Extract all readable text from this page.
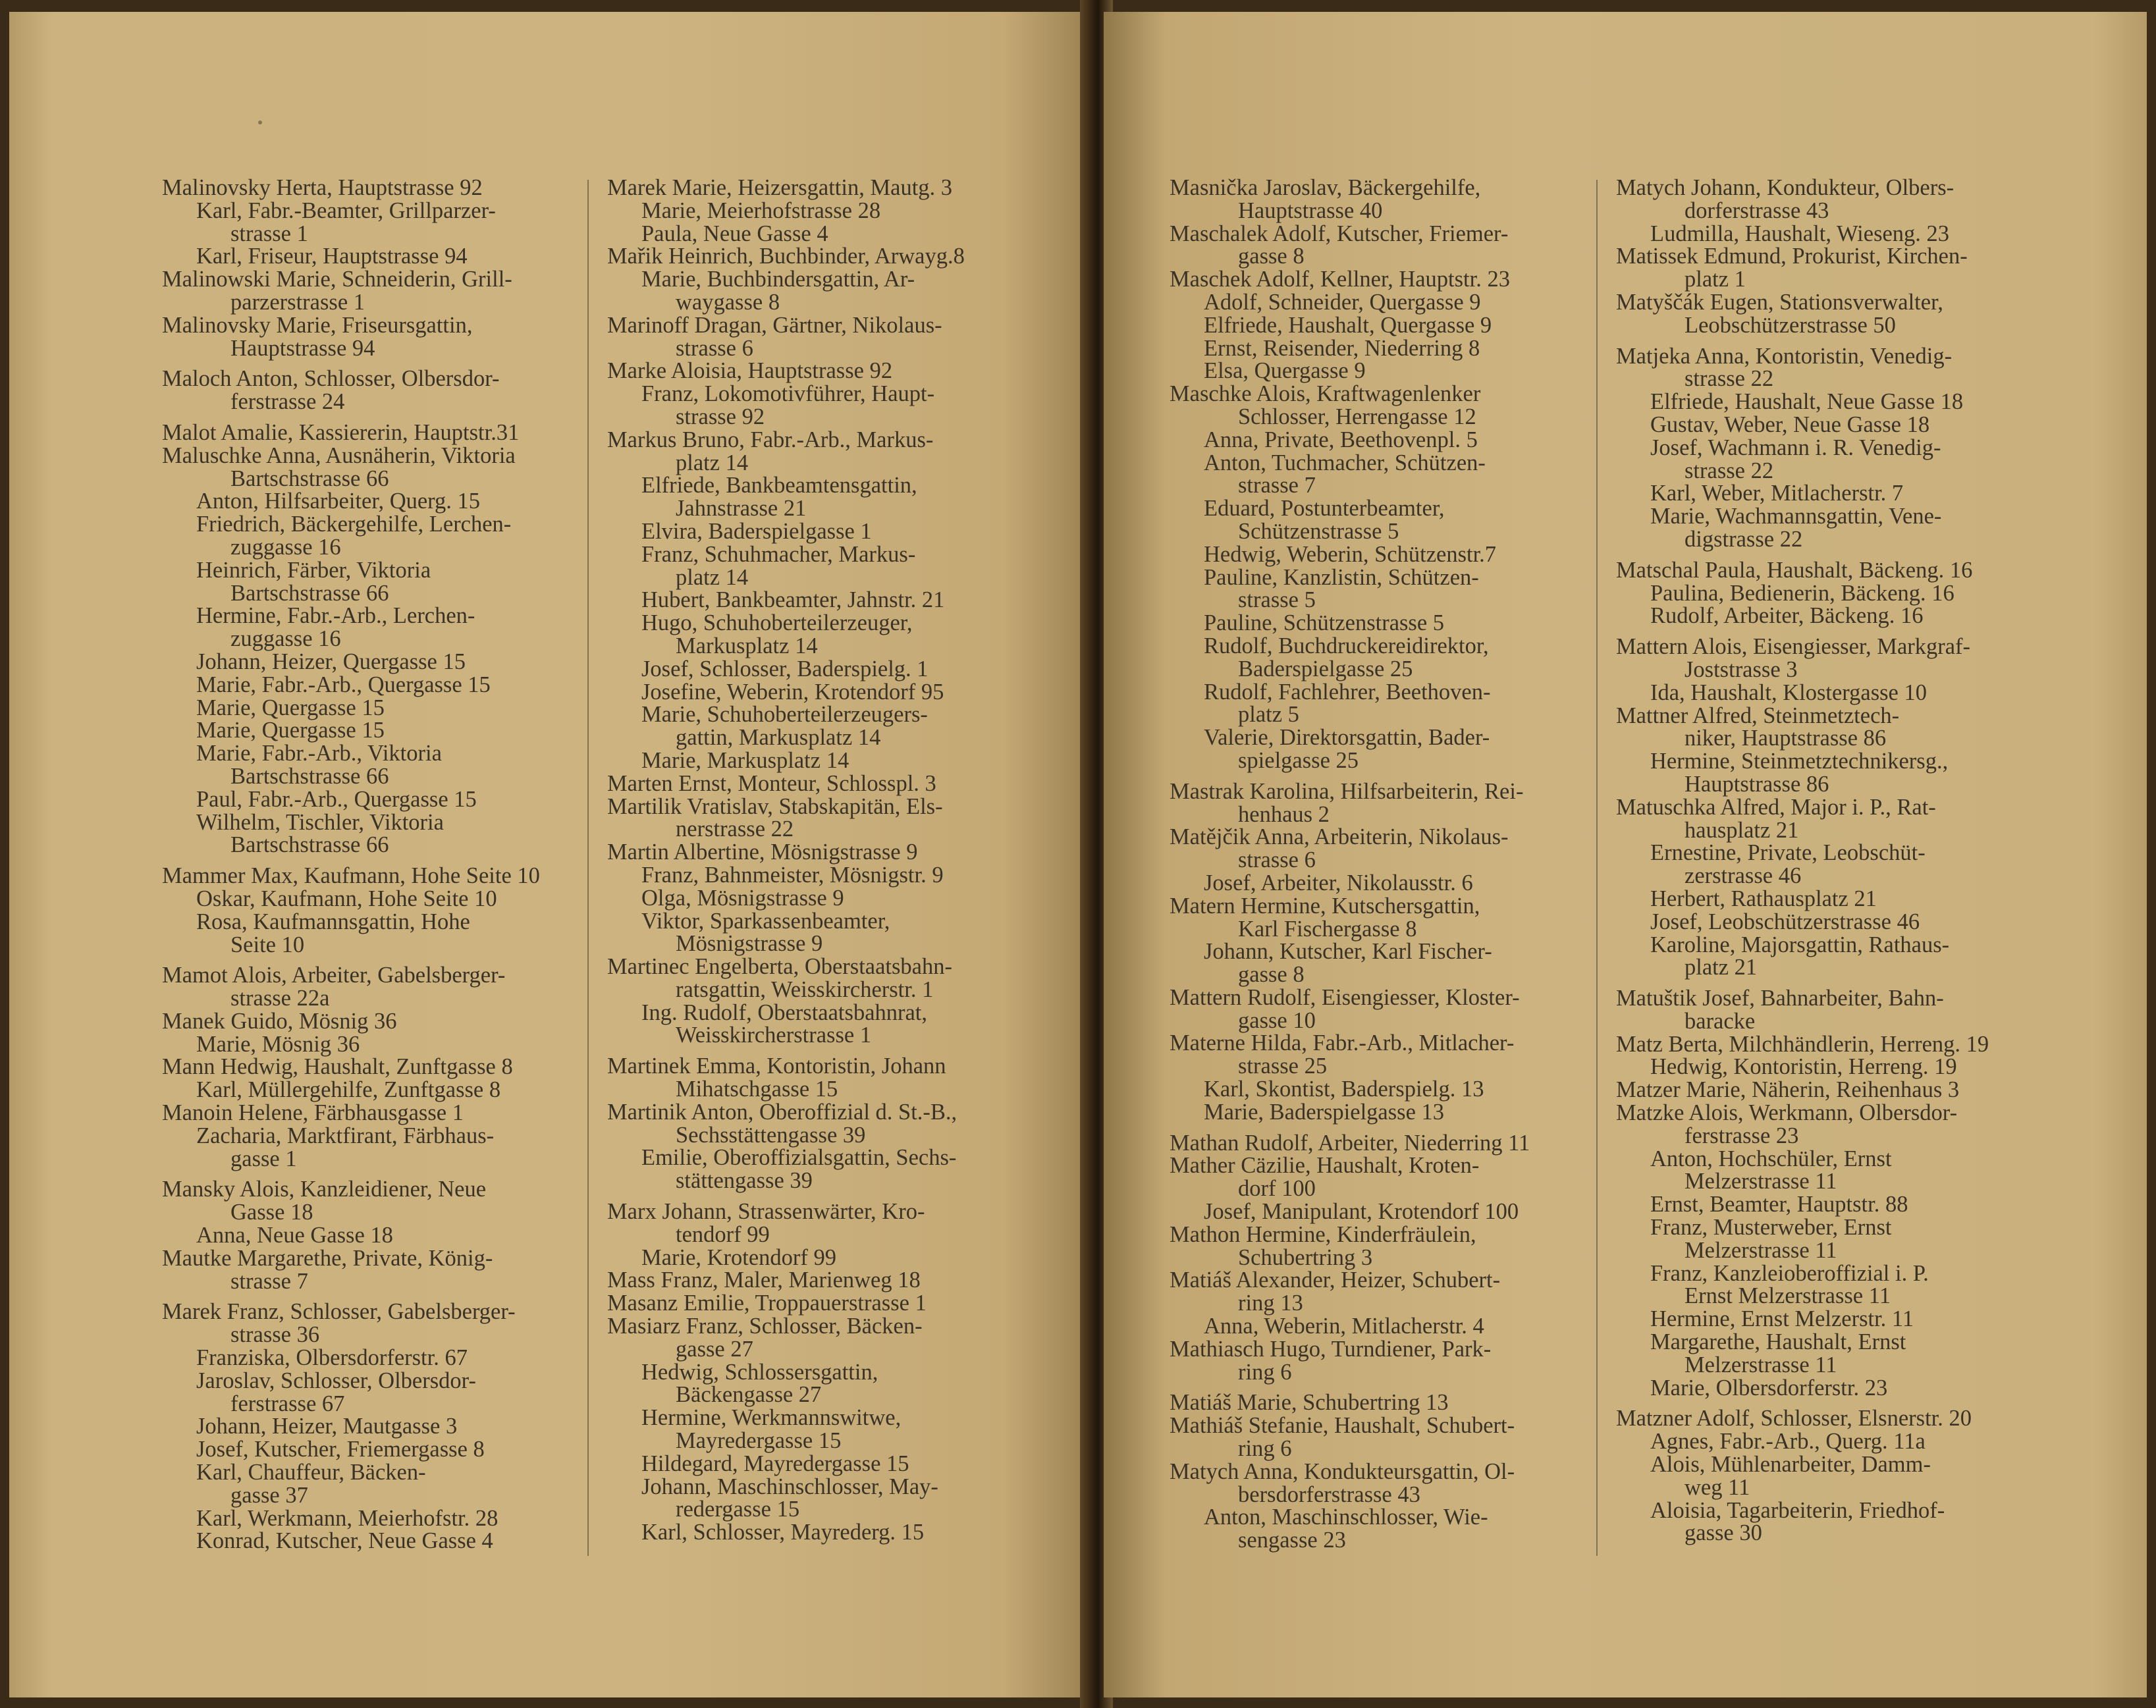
Malinovsky Herta, Hauptstrasse 92

Karl, Fabr.-Beamter, Grillparzer-

strasse 1

Karl, Friseur, Hauptstrasse 94

Malinowski Marie, Schneiderin, Grill-

parzerstrasse 1

Malinovsky Marie, Friseursgattin,

Hauptstrasse 94

Maloch Anton, Schlosser, Olbersdor-

ferstrasse 24

Malot Amalie, Kassiererin, Hauptstr.31

Maluschke Anna, Ausnäherin, Viktoria

Bartschstrasse 66

Anton, Hilfsarbeiter, Querg. 15

Friedrich, Bäckergehilfe, Lerchen-

zuggasse 16

Heinrich, Färber, Viktoria

Bartschstrasse 66

Hermine, Fabr.-Arb., Lerchen-

zuggasse 16

Johann, Heizer, Quergasse 15

Marie, Fabr.-Arb., Quergasse 15

Marie, Quergasse 15

Marie, Quergasse 15

Marie, Fabr.-Arb., Viktoria

Bartschstrasse 66

Paul, Fabr.-Arb., Quergasse 15

Wilhelm, Tischler, Viktoria

Bartschstrasse 66

Mammer Max, Kaufmann, Hohe Seite 10

Oskar, Kaufmann, Hohe Seite 10

Rosa, Kaufmannsgattin, Hohe

Seite 10

Mamot Alois, Arbeiter, Gabelsberger-

strasse 22a

Manek Guido, Mösnig 36

Marie, Mösnig 36

Mann Hedwig, Haushalt, Zunftgasse 8

Karl, Müllergehilfe, Zunftgasse 8

Manoin Helene, Färbhausgasse 1

Zacharia, Marktfirant, Färbhaus-

gasse 1

Mansky Alois, Kanzleidiener, Neue

Gasse 18

Anna, Neue Gasse 18

Mautke Margarethe, Private, König-

strasse 7

Marek Franz, Schlosser, Gabelsberger-

strasse 36

Franziska, Olbersdorferstr. 67

Jaroslav, Schlosser, Olbersdor-

ferstrasse 67

Johann, Heizer, Mautgasse 3

Josef, Kutscher, Friemergasse 8

Karl, Chauffeur, Bäcken-

gasse 37

Karl, Werkmann, Meierhofstr. 28

Konrad, Kutscher, Neue Gasse 4

Marek Marie, Heizersgattin, Mautg. 3

Marie, Meierhofstrasse 28

Paula, Neue Gasse 4

Mařik Heinrich, Buchbinder, Arwayg.8

Marie, Buchbindersgattin, Ar-

waygasse 8

Marinoff Dragan, Gärtner, Nikolaus-

strasse 6

Marke Aloisia, Hauptstrasse 92

Franz, Lokomotivführer, Haupt-

strasse 92

Markus Bruno, Fabr.-Arb., Markus-

platz 14

Elfriede, Bankbeamtensgattin,

Jahnstrasse 21

Elvira, Baderspielgasse 1

Franz, Schuhmacher, Markus-

platz 14

Hubert, Bankbeamter, Jahnstr. 21

Hugo, Schuhoberteilerzeuger,

Markusplatz 14

Josef, Schlosser, Baderspielg. 1

Josefine, Weberin, Krotendorf 95

Marie, Schuhoberteilerzeugers-

gattin, Markusplatz 14

Marie, Markusplatz 14

Marten Ernst, Monteur, Schlosspl. 3

Martilik Vratislav, Stabskapitän, Els-

nerstrasse 22

Martin Albertine, Mösnigstrasse 9

Franz, Bahnmeister, Mösnigstr. 9

Olga, Mösnigstrasse 9

Viktor, Sparkassenbeamter,

Mösnigstrasse 9

Martinec Engelberta, Oberstaatsbahn-

ratsgattin, Weisskircherstr. 1

Ing. Rudolf, Oberstaatsbahnrat,

Weisskircherstrasse 1

Martinek Emma, Kontoristin, Johann

Mihatschgasse 15

Martinik Anton, Oberoffizial d. St.-B.,

Sechsstättengasse 39

Emilie, Oberoffizialsgattin, Sechs-

stättengasse 39

Marx Johann, Strassenwärter, Kro-

tendorf 99

Marie, Krotendorf 99

Mass Franz, Maler, Marienweg 18

Masanz Emilie, Troppauerstrasse 1

Masiarz Franz, Schlosser, Bäcken-

gasse 27

Hedwig, Schlossersgattin,

Bäckengasse 27

Hermine, Werkmannswitwe,

Mayredergasse 15

Hildegard, Mayredergasse 15

Johann, Maschinschlosser, May-

redergasse 15

Karl, Schlosser, Mayrederg. 15

Masnička Jaroslav, Bäckergehilfe,

Hauptstrasse 40

Maschalek Adolf, Kutscher, Friemer-

gasse 8

Maschek Adolf, Kellner, Hauptstr. 23

Adolf, Schneider, Quergasse 9

Elfriede, Haushalt, Quergasse 9

Ernst, Reisender, Niederring 8

Elsa, Quergasse 9

Maschke Alois, Kraftwagenlenker

Schlosser, Herrengasse 12

Anna, Private, Beethovenpl. 5

Anton, Tuchmacher, Schützen-

strasse 7

Eduard, Postunterbeamter,

Schützenstrasse 5

Hedwig, Weberin, Schützenstr.7

Pauline, Kanzlistin, Schützen-

strasse 5

Pauline, Schützenstrasse 5

Rudolf, Buchdruckereidirektor,

Baderspielgasse 25

Rudolf, Fachlehrer, Beethoven-

platz 5

Valerie, Direktorsgattin, Bader-

spielgasse 25

Mastrak Karolina, Hilfsarbeiterin, Rei-

henhaus 2

Matějčik Anna, Arbeiterin, Nikolaus-

strasse 6

Josef, Arbeiter, Nikolausstr. 6

Matern Hermine, Kutschersgattin,

Karl Fischergasse 8

Johann, Kutscher, Karl Fischer-

gasse 8

Mattern Rudolf, Eisengiesser, Kloster-

gasse 10

Materne Hilda, Fabr.-Arb., Mitlacher-

strasse 25

Karl, Skontist, Baderspielg. 13

Marie, Baderspielgasse 13

Mathan Rudolf, Arbeiter, Niederring 11

Mather Cäzilie, Haushalt, Kroten-

dorf 100

Josef, Manipulant, Krotendorf 100

Mathon Hermine, Kinderfräulein,

Schubertring 3

Matiáš Alexander, Heizer, Schubert-

ring 13

Anna, Weberin, Mitlacherstr. 4

Mathiasch Hugo, Turndiener, Park-

ring 6

Matiáš Marie, Schubertring 13

Mathiáš Stefanie, Haushalt, Schubert-

ring 6

Matych Anna, Kondukteursgattin, Ol-

bersdorferstrasse 43

Anton, Maschinschlosser, Wie-

sengasse 23

Matych Johann, Kondukteur, Olbers-

dorferstrasse 43

Ludmilla, Haushalt, Wieseng. 23

Matissek Edmund, Prokurist, Kirchen-

platz 1

Matyščák Eugen, Stationsverwalter,

Leobschützerstrasse 50

Matjeka Anna, Kontoristin, Venedig-

strasse 22

Elfriede, Haushalt, Neue Gasse 18

Gustav, Weber, Neue Gasse 18

Josef, Wachmann i. R. Venedig-

strasse 22

Karl, Weber, Mitlacherstr. 7

Marie, Wachmannsgattin, Vene-

digstrasse 22

Matschal Paula, Haushalt, Bäckeng. 16

Paulina, Bedienerin, Bäckeng. 16

Rudolf, Arbeiter, Bäckeng. 16

Mattern Alois, Eisengiesser, Markgraf-

Joststrasse 3

Ida, Haushalt, Klostergasse 10

Mattner Alfred, Steinmetztech-

niker, Hauptstrasse 86

Hermine, Steinmetztechnikersg.,

Hauptstrasse 86

Matuschka Alfred, Major i. P., Rat-

hausplatz 21

Ernestine, Private, Leobschüt-

zerstrasse 46

Herbert, Rathausplatz 21

Josef, Leobschützerstrasse 46

Karoline, Majorsgattin, Rathaus-

platz 21

Matuštik Josef, Bahnarbeiter, Bahn-

baracke

Matz Berta, Milchhändlerin, Herreng. 19

Hedwig, Kontoristin, Herreng. 19

Matzer Marie, Näherin, Reihenhaus 3

Matzke Alois, Werkmann, Olbersdor-

ferstrasse 23

Anton, Hochschüler, Ernst

Melzerstrasse 11

Ernst, Beamter, Hauptstr. 88

Franz, Musterweber, Ernst

Melzerstrasse 11

Franz, Kanzleioberoffizial i. P.

Ernst Melzerstrasse 11

Hermine, Ernst Melzerstr. 11

Margarethe, Haushalt, Ernst

Melzerstrasse 11

Marie, Olbersdorferstr. 23

Matzner Adolf, Schlosser, Elsnerstr. 20

Agnes, Fabr.-Arb., Querg. 11a

Alois, Mühlenarbeiter, Damm-

weg 11

Aloisia, Tagarbeiterin, Friedhof-

gasse 30
